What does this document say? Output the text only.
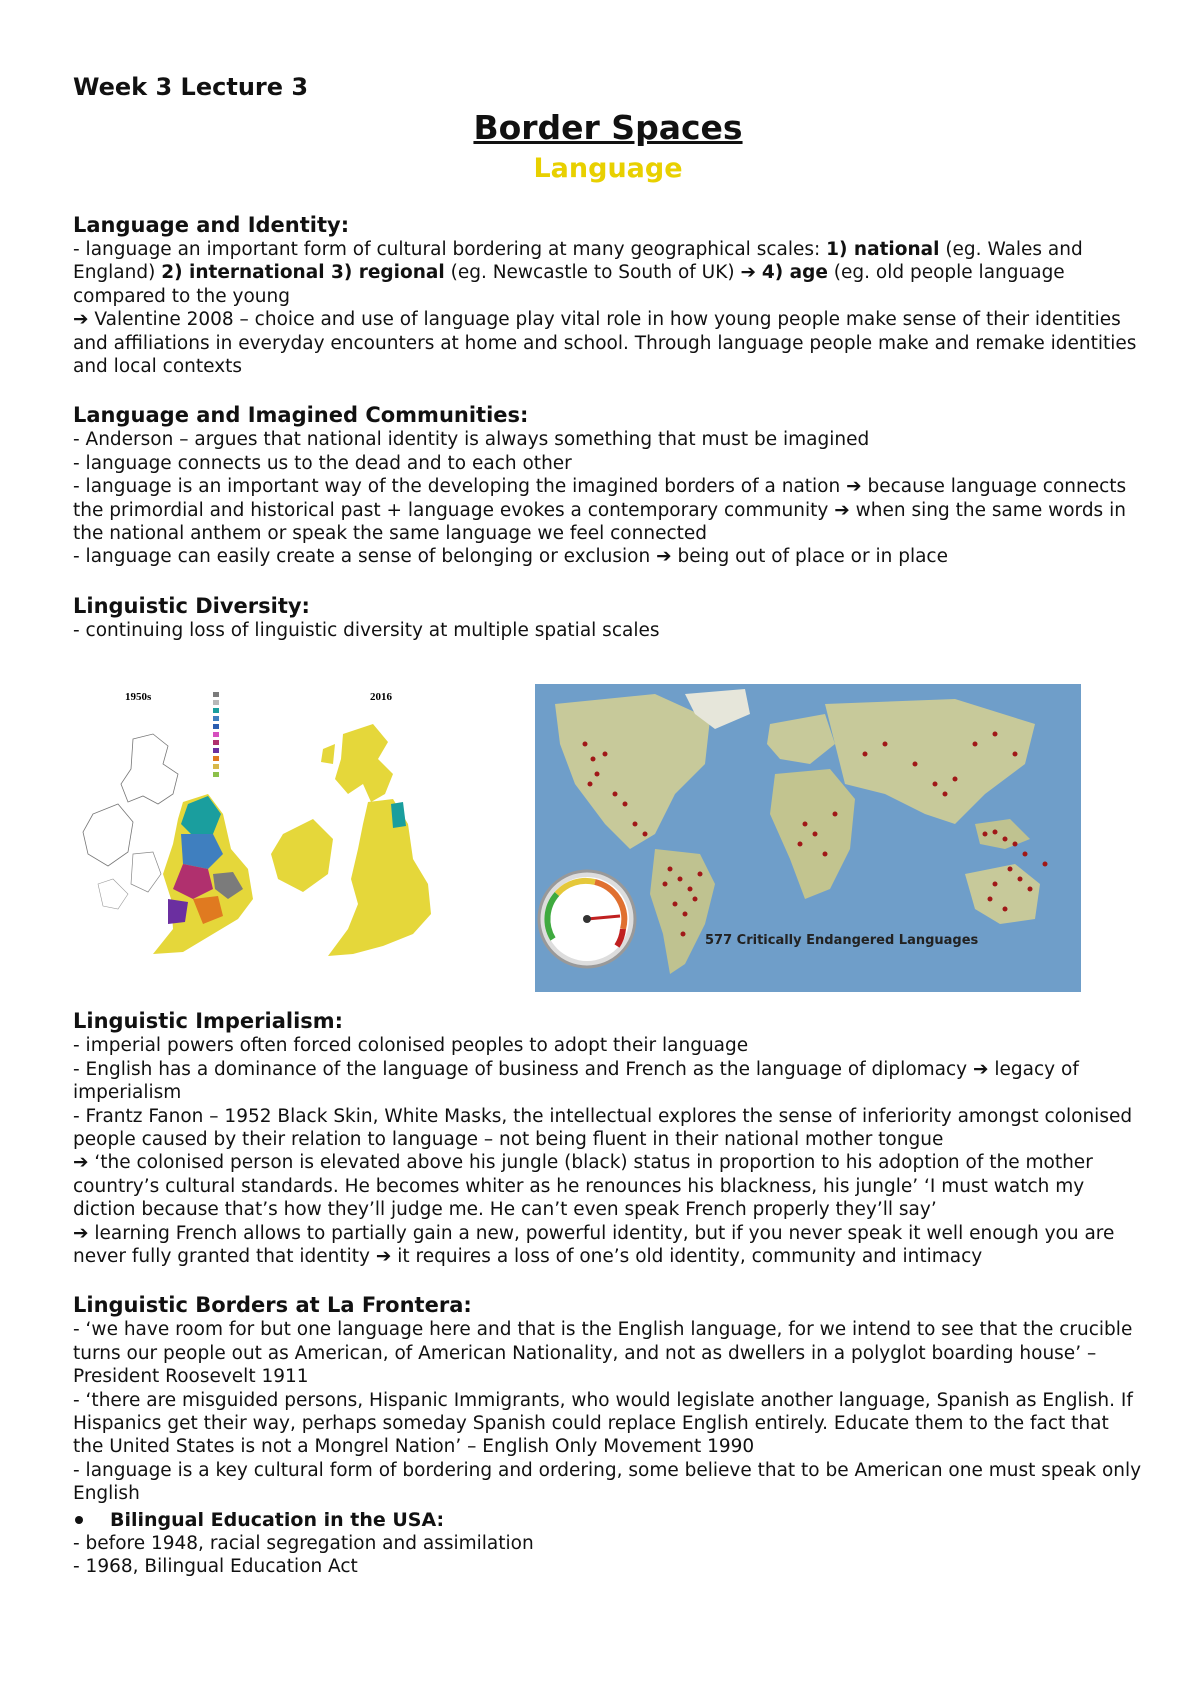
Week 3 Lecture 3

Border Spaces
Language
Language and Identity:

- language an important form of cultural bordering at many geographical scales: 1) national (eg. Wales and England) 2) international 3) regional (eg. Newcastle to South of UK) ➔ 4) age (eg. old people language compared to the young

➔ Valentine 2008 – choice and use of language play vital role in how young people make sense of their identities and affiliations in everyday encounters at home and school. Through language people make and remake identities and local contexts

Language and Imagined Communities:

- Anderson – argues that national identity is always something that must be imagined

- language connects us to the dead and to each other

- language is an important way of the developing the imagined borders of a nation ➔ because language connects the primordial and historical past + language evokes a contemporary community ➔ when sing the same words in the national anthem or speak the same language we feel connected

- language can easily create a sense of belonging or exclusion ➔ being out of place or in place

Linguistic Diversity:

- continuing loss of linguistic diversity at multiple spatial scales

1950s	2016
577 Critically Endangered Languages
Linguistic Imperialism:

- imperial powers often forced colonised peoples to adopt their language

- English has a dominance of the language of business and French as the language of diplomacy ➔ legacy of imperialism

- Frantz Fanon – 1952 Black Skin, White Masks, the intellectual explores the sense of inferiority amongst colonised people caused by their relation to language – not being fluent in their national mother tongue

➔ ‘the colonised person is elevated above his jungle (black) status in proportion to his adoption of the mother country’s cultural standards. He becomes whiter as he renounces his blackness, his jungle’ ‘I must watch my diction because that’s how they’ll judge me. He can’t even speak French properly they’ll say’

➔ learning French allows to partially gain a new, powerful identity, but if you never speak it well enough you are never fully granted that identity ➔ it requires a loss of one’s old identity, community and intimacy

Linguistic Borders at La Frontera:

- ‘we have room for but one language here and that is the English language, for we intend to see that the crucible turns our people out as American, of American Nationality, and not as dwellers in a polyglot boarding house’ – President Roosevelt 1911

- ‘there are misguided persons, Hispanic Immigrants, who would legislate another language, Spanish as English. If Hispanics get their way, perhaps someday Spanish could replace English entirely. Educate them to the fact that the United States is not a Mongrel Nation’ – English Only Movement 1990

- language is a key cultural form of bordering and ordering, some believe that to be American one must speak only English

Bilingual Education in the USA:

- before 1948, racial segregation and assimilation

- 1968, Bilingual Education Act
